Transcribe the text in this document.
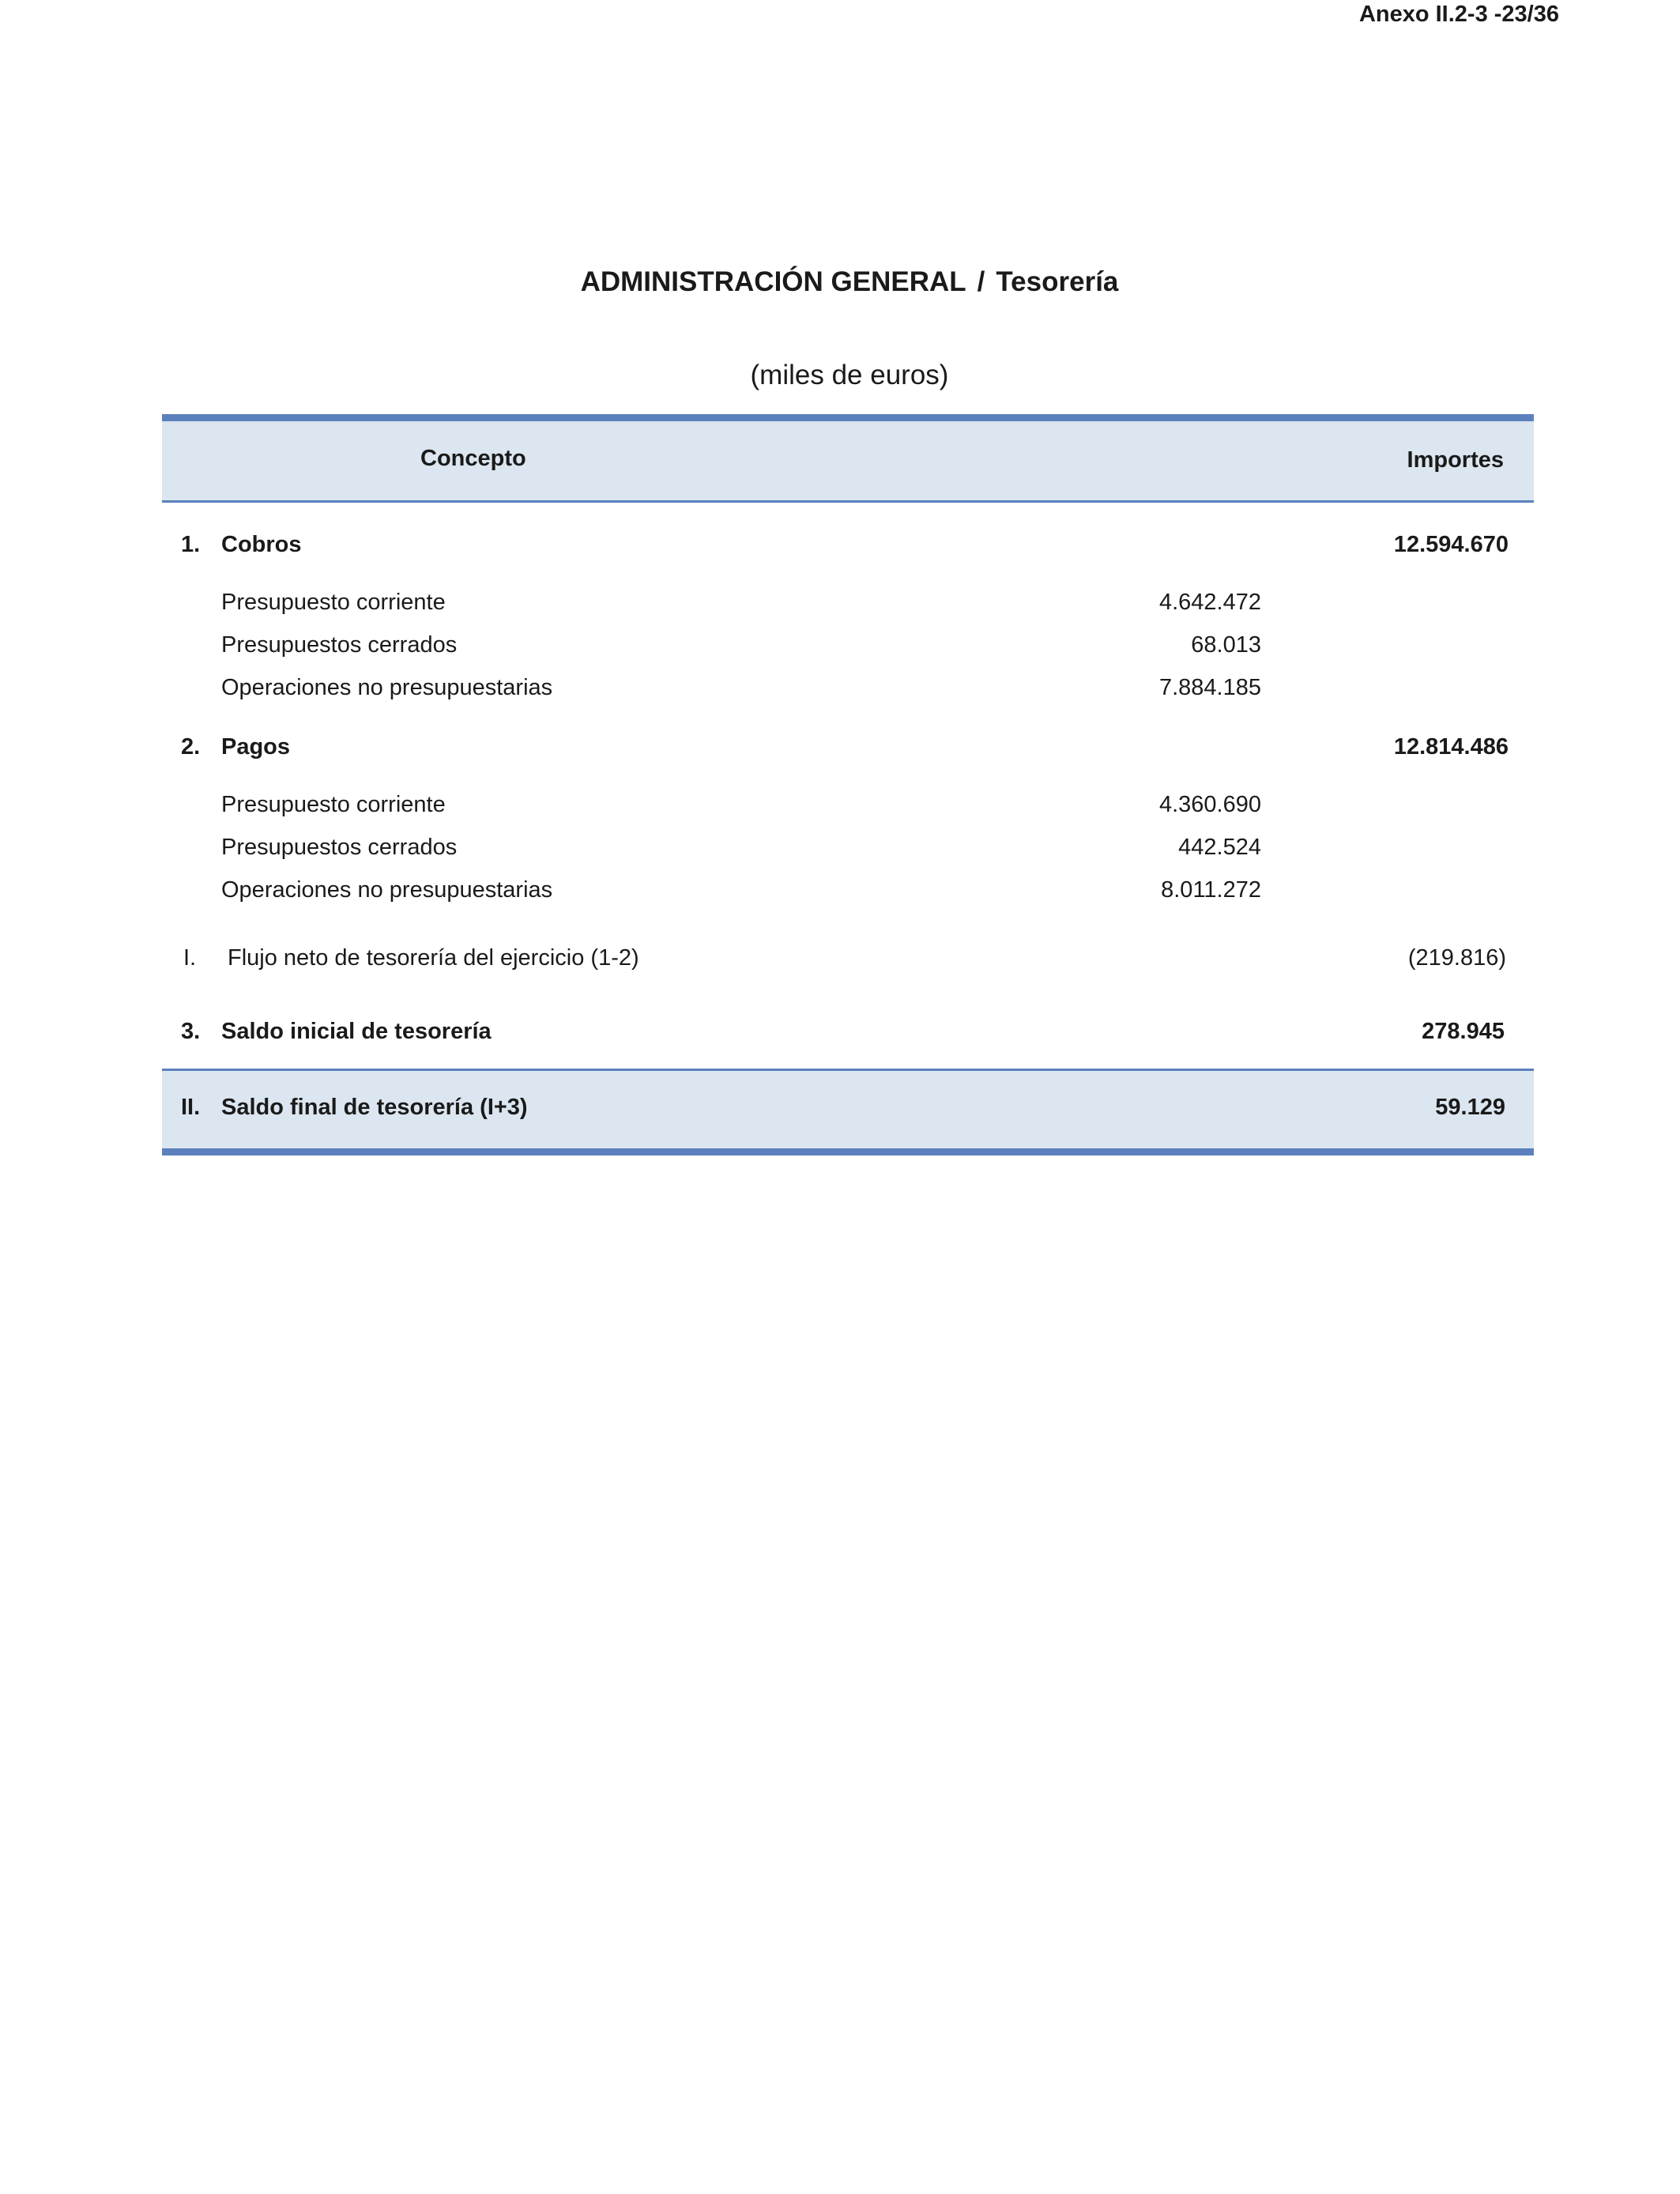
Anexo II.2-3 -23/36
ADMINISTRACIÓN GENERAL / Tesorería
(miles de euros)
Concepto	Importes
1. Cobros	12.594.670
Presupuesto corriente	4.642.472
Presupuestos cerrados	68.013
Operaciones no presupuestarias	7.884.185
2. Pagos	12.814.486
Presupuesto corriente	4.360.690
Presupuestos cerrados	442.524
Operaciones no presupuestarias	8.011.272
I. Flujo neto de tesorería del ejercicio (1-2)	(219.816)
3. Saldo inicial de tesorería	278.945
II. Saldo final de tesorería (I+3)	59.129
